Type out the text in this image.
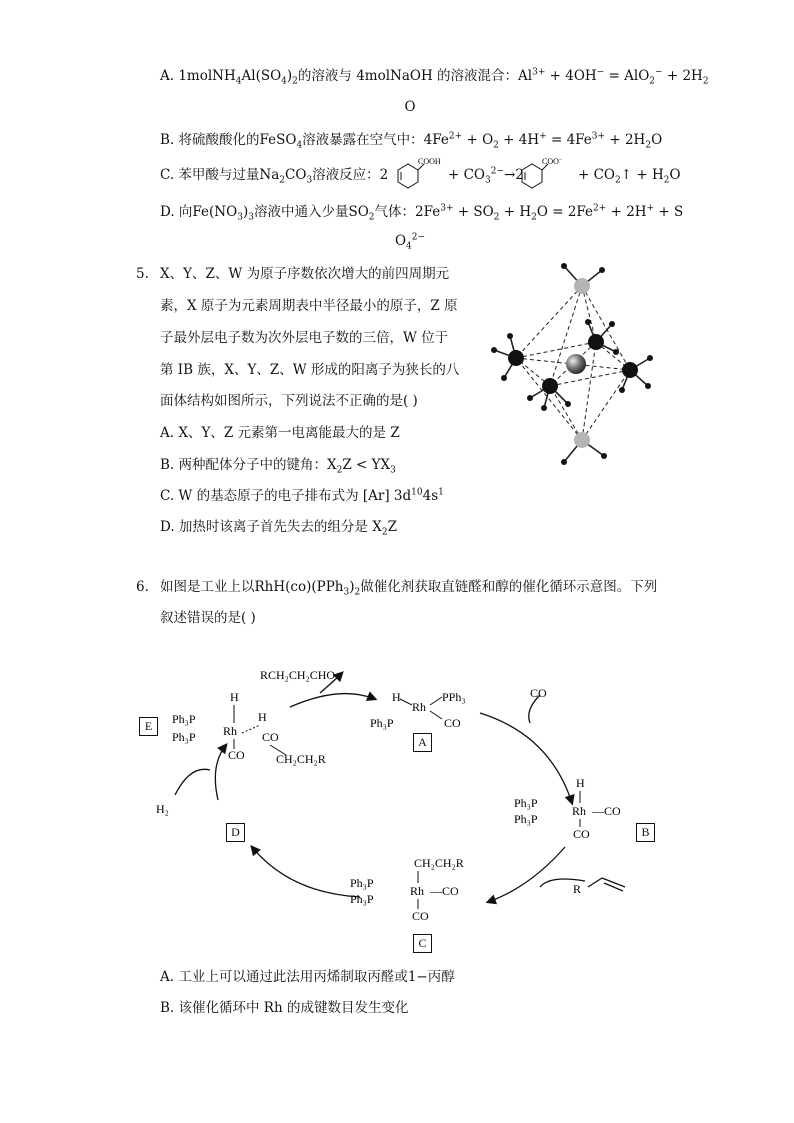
A. $1molNH_4Al(SO_4)_2$的溶液与 4molNaOH 的溶液混合：$Al^{3+} + 4OH^- = AlO_2^- + 2H_2$
O
B. 将硫酸酸化的FeSO$_4$溶液暴露在空气中：$4Fe^{2+} + O_2 + 4H^+ = 4Fe^{3+} + 2H_2O$
C. 苯甲酸与过量$Na_2CO_3$溶液反应：2
COOH
+ $CO_3^{2-}\to 2$
COO−
+ $CO_2↑ + H_2O$
D. 向$Fe(NO_3)_3$溶液中通入少量$SO_2$气体：$2Fe^{3+} + SO_2 + H_2O = 2Fe^{2+} + 2H^+ + S$
$O_4^{2-}$
5. X、Y、Z、W 为原子序数依次增大的前四周期元
素，X 原子为元素周期表中半径最小的原子，Z 原
子最外层电子数为次外层电子数的三倍，W 位于
第 IB 族，X、Y、Z、W 形成的阳离子为狭长的八
面体结构如图所示，下列说法不正确的是( )
A. X、Y、Z 元素第一电离能最大的是 Z
B. 两种配体分子中的键角：$X_2Z < YX_3$
C. W 的基态原子的电子排布式为 [Ar] $3d^{10}4s^1$
D. 加热时该离子首先失去的组分是 $X_2Z$
6. 如图是工业上以$RhH(co)(PPh_3)_2$做催化剂获取直链醛和醇的催化循环示意图。下列
叙述错误的是( )
RCH₂CH₂CHO
CO
H₂
R
H
H
Ph₃P
Ph₃P Rh CO
CO	CH₂CH₂R
H
Rh
PPh₃
Ph₃P	CO
H
Ph₃P
Ph₃P
Rh —CO
CO
CH₂CH₂R
Ph₃P
Ph₃P
Rh —CO
CO
E
A
B
D
C
A. 工业上可以通过此法用丙烯制取丙醛或1−丙醇
B. 该催化循环中 Rh 的成键数目发生变化
